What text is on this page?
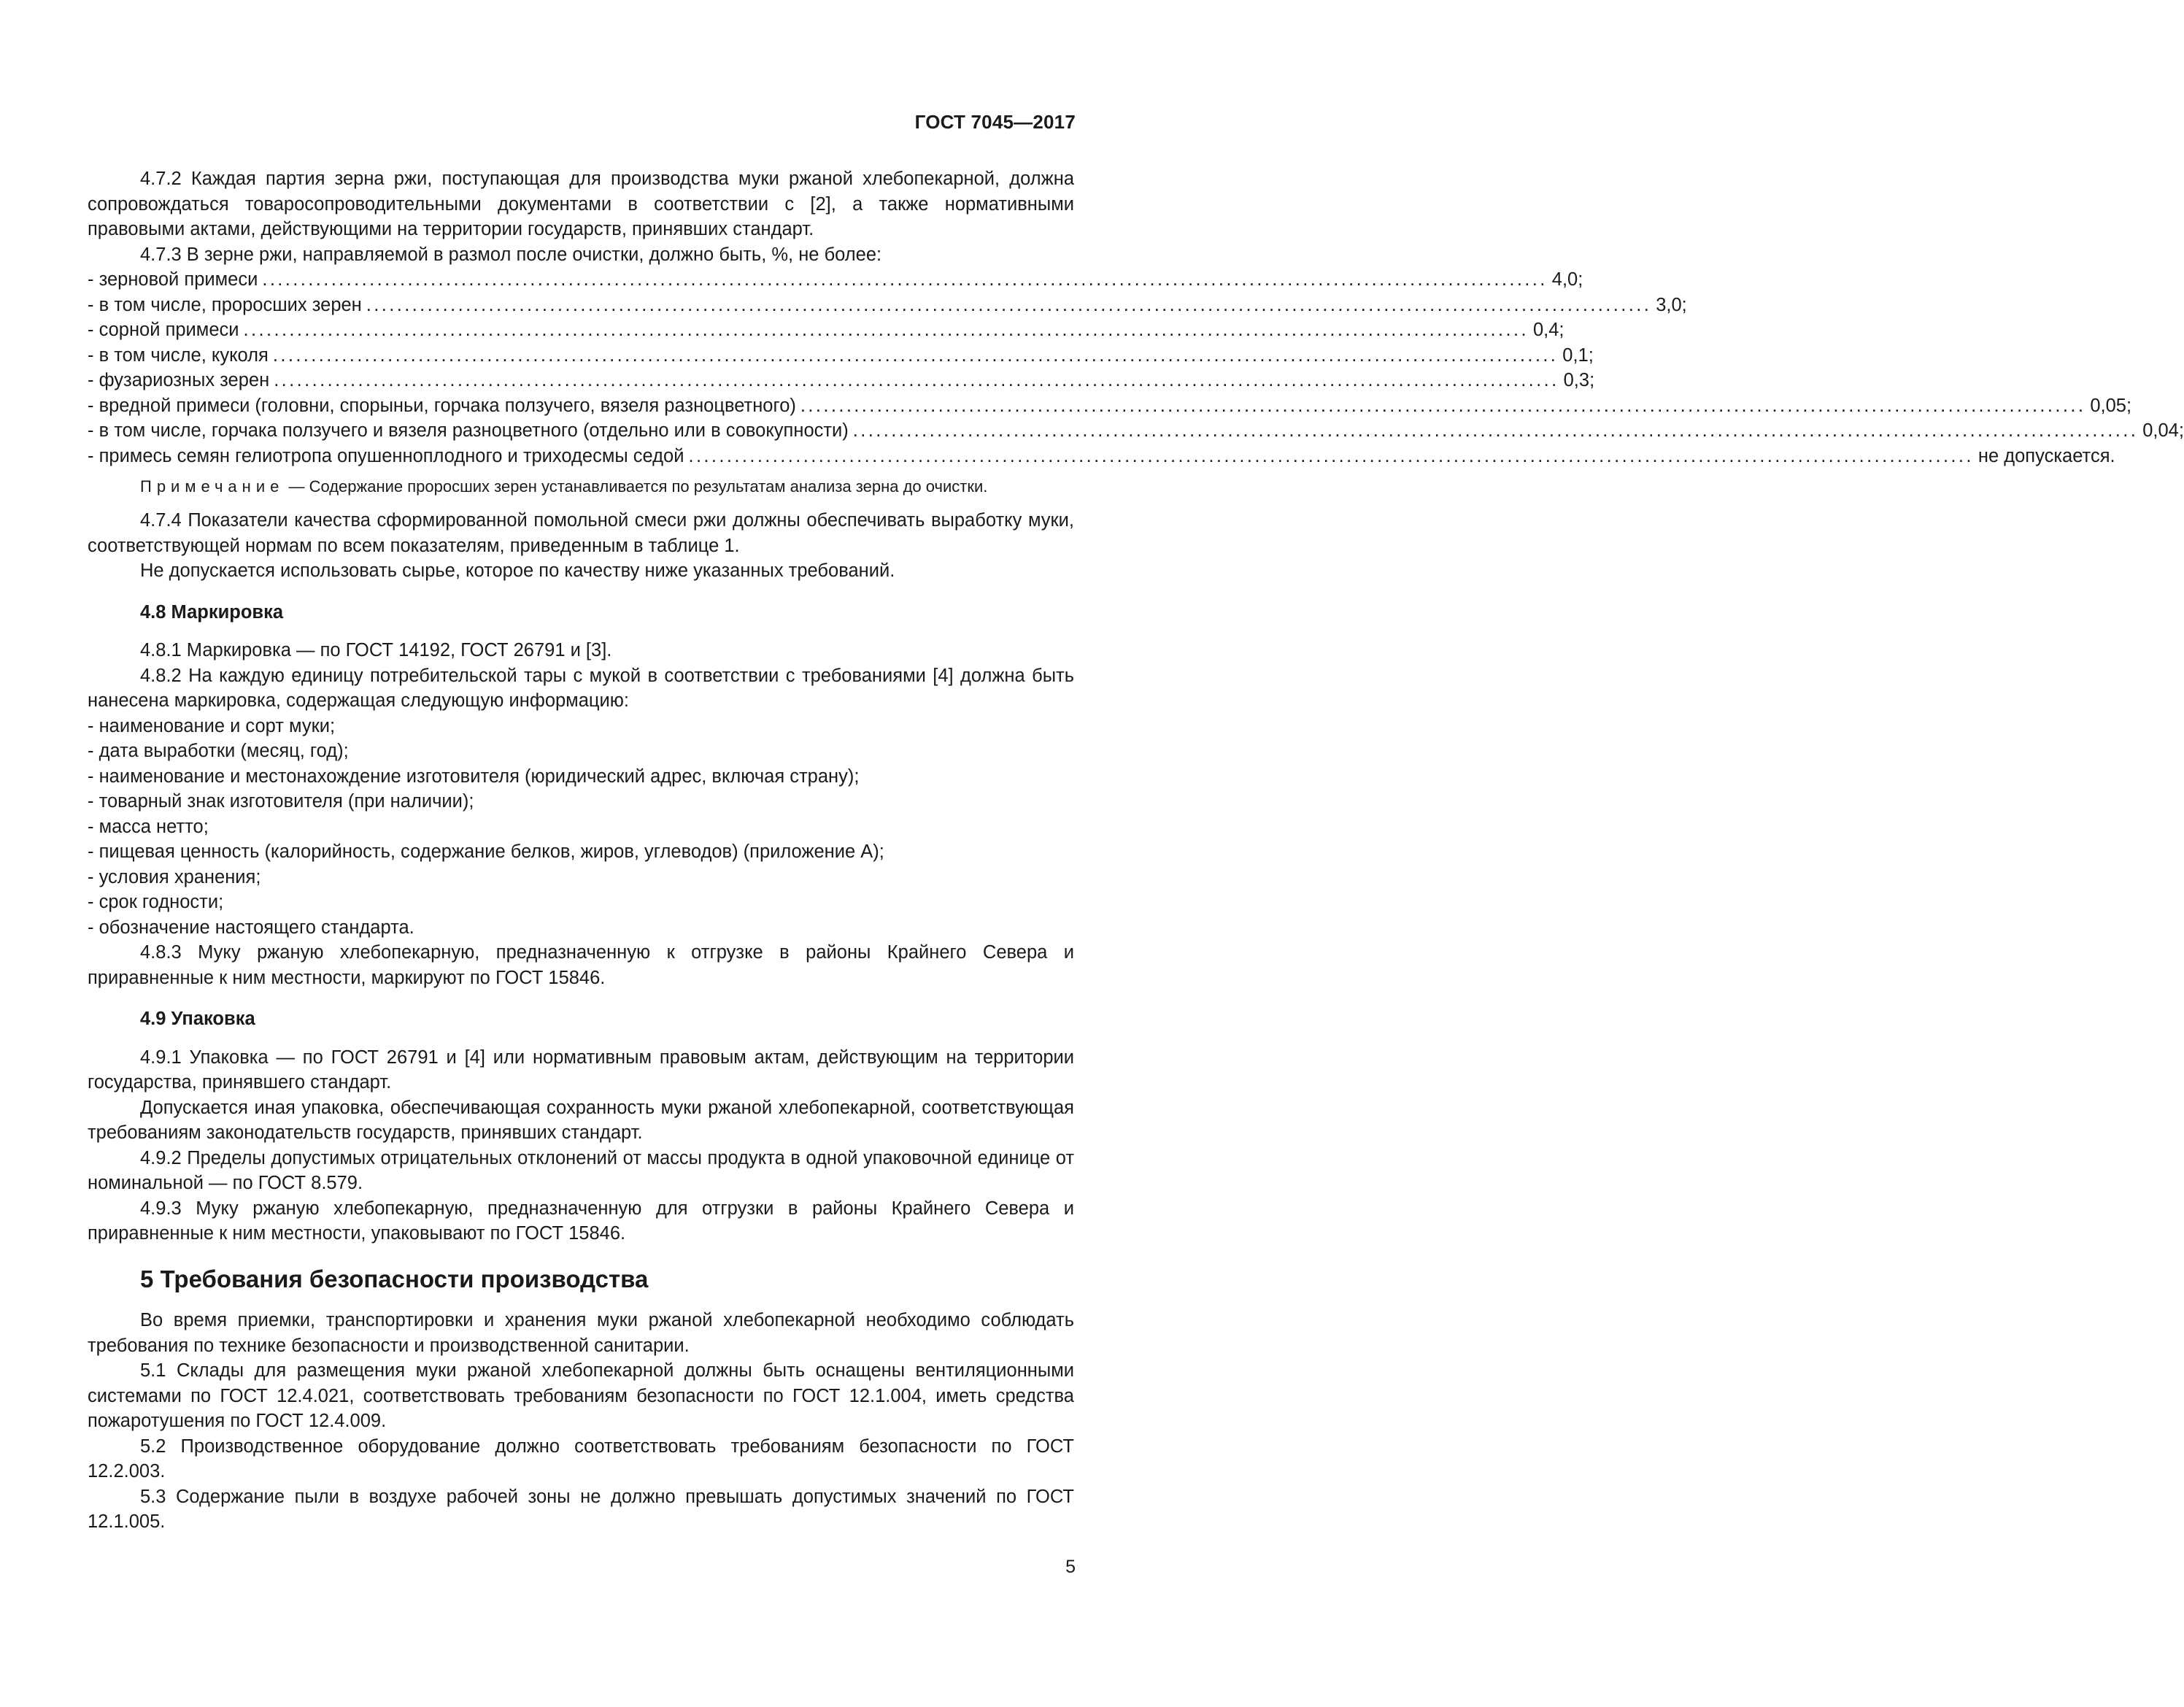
ГОСТ 7045—2017

4.7.2 Каждая партия зерна ржи, поступающая для производства муки ржаной хлебопекарной, должна сопровождаться товаросопроводительными документами в соответствии с [2], а также нормативными правовыми актами, действующими на территории государств, принявших стандарт.

4.7.3 В зерне ржи, направляемой в размол после очистки, должно быть, %, не более:

- зерновой примеси ........................................................................................................................................................................ 4,0;
- в том числе, проросших зерен ........................................................................................................................................................................ 3,0;
- сорной примеси ........................................................................................................................................................................ 0,4;
- в том числе, куколя ........................................................................................................................................................................ 0,1;
- фузариозных зерен ........................................................................................................................................................................ 0,3;
- вредной примеси (головни, спорыньи, горчака ползучего, вязеля разноцветного) ........................................................................................................................................................................ 0,05;
- в том числе, горчака ползучего и вязеля разноцветного (отдельно или в совокупности) ........................................................................................................................................................................ 0,04;
- примесь семян гелиотропа опушенноплодного и триходесмы седой ........................................................................................................................................................................ не допускается.

Примечание — Содержание проросших зерен устанавливается по результатам анализа зерна до очистки.

4.7.4 Показатели качества сформированной помольной смеси ржи должны обеспечивать выработку муки, соответствующей нормам по всем показателям, приведенным в таблице 1.

Не допускается использовать сырье, которое по качеству ниже указанных требований.

4.8 Маркировка

4.8.1 Маркировка — по ГОСТ 14192, ГОСТ 26791 и [3].

4.8.2 На каждую единицу потребительской тары с мукой в соответствии с требованиями [4] должна быть нанесена маркировка, содержащая следующую информацию:

- наименование и сорт муки;

- дата выработки (месяц, год);

- наименование и местонахождение изготовителя (юридический адрес, включая страну);

- товарный знак изготовителя (при наличии);

- масса нетто;

- пищевая ценность (калорийность, содержание белков, жиров, углеводов) (приложение А);

- условия хранения;

- срок годности;

- обозначение настоящего стандарта.

4.8.3 Муку ржаную хлебопекарную, предназначенную к отгрузке в районы Крайнего Севера и приравненные к ним местности, маркируют по ГОСТ 15846.

4.9 Упаковка

4.9.1 Упаковка — по ГОСТ 26791 и [4] или нормативным правовым актам, действующим на территории государства, принявшего стандарт.

Допускается иная упаковка, обеспечивающая сохранность муки ржаной хлебопекарной, соответствующая требованиям законодательств государств, принявших стандарт.

4.9.2 Пределы допустимых отрицательных отклонений от массы продукта в одной упаковочной единице от номинальной — по ГОСТ 8.579.

4.9.3 Муку ржаную хлебопекарную, предназначенную для отгрузки в районы Крайнего Севера и приравненные к ним местности, упаковывают по ГОСТ 15846.

5 Требования безопасности производства

Во время приемки, транспортировки и хранения муки ржаной хлебопекарной необходимо соблюдать требования по технике безопасности и производственной санитарии.

5.1 Склады для размещения муки ржаной хлебопекарной должны быть оснащены вентиляционными системами по ГОСТ 12.4.021, соответствовать требованиям безопасности по ГОСТ 12.1.004, иметь средства пожаротушения по ГОСТ 12.4.009.

5.2 Производственное оборудование должно соответствовать требованиям безопасности по ГОСТ 12.2.003.

5.3 Содержание пыли в воздухе рабочей зоны не должно превышать допустимых значений по ГОСТ 12.1.005.

5
